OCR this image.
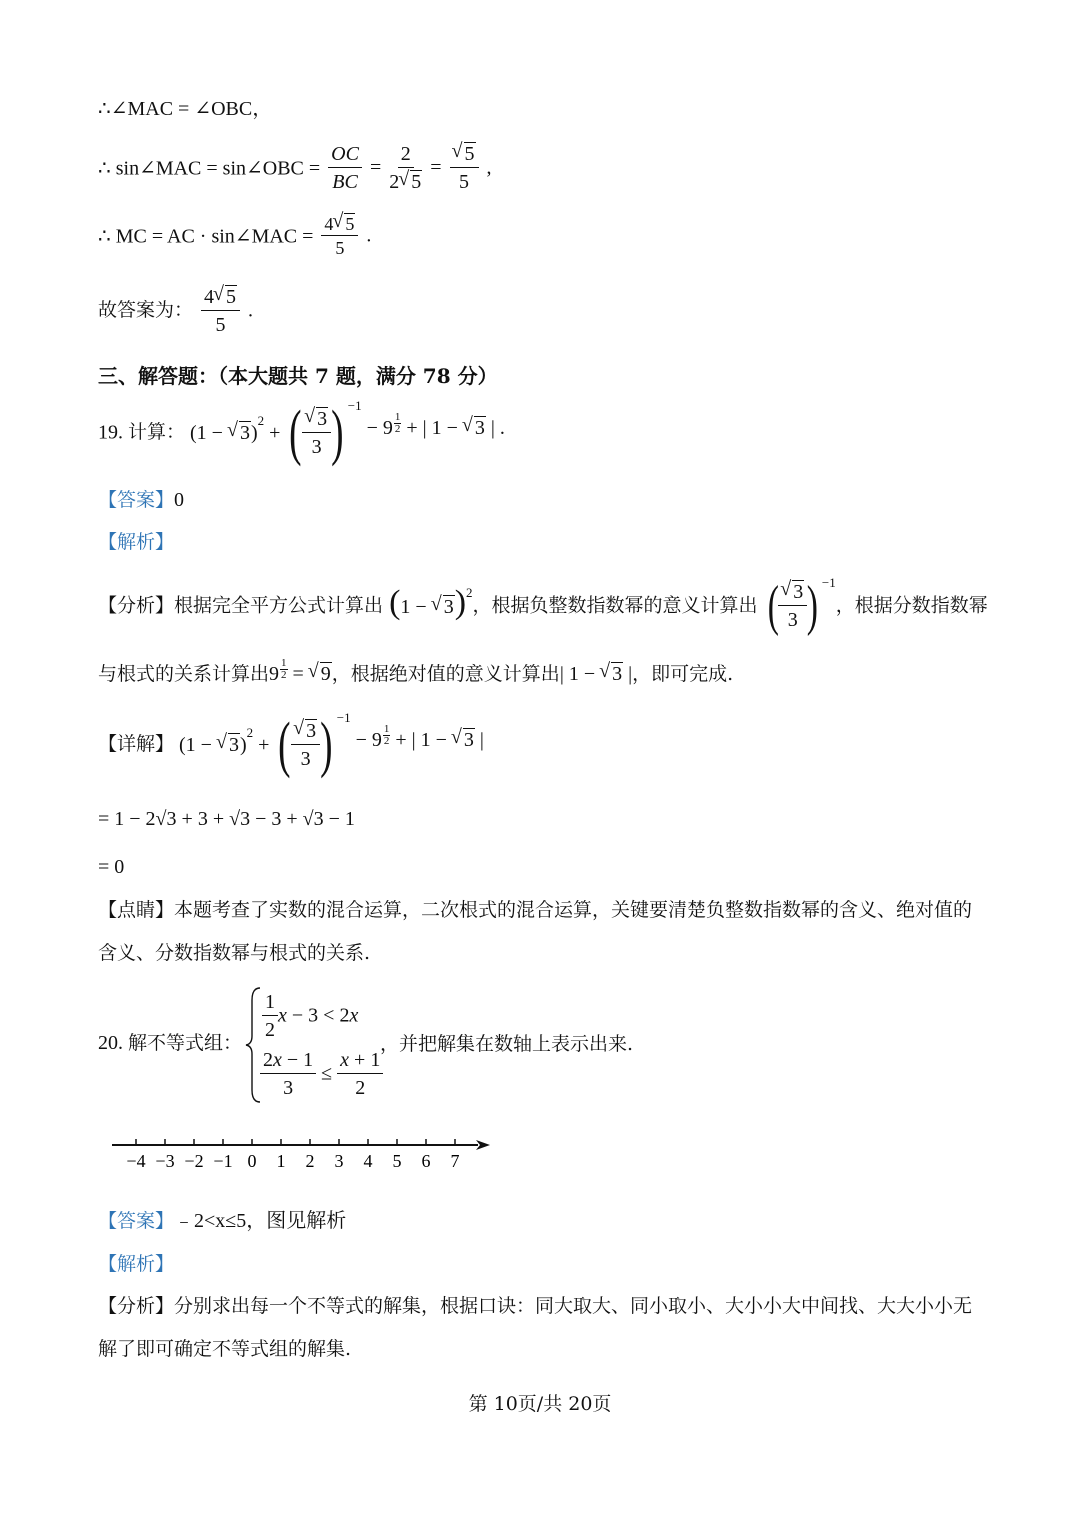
∴∠MAC = ∠OBC，
∴ sin∠MAC = sin∠OBC = $\frac{OC}{BC} = \frac{2}{2 √ 5}$ = √ $\frac{5}{5}$ ,
∴ MC = AC · sin∠MAC = $\frac{4 √ 5}{5}$ .
故答案为： $\frac{4 √ 5}{5}$ .
三、解答题：（本大题共 7 题，满分 78 分）
19. 计算： (1 − √ 3)$^2$ + ( √ $\frac{3}{3}$ ) $^{-1} - 9 \frac{1}{2}$ + | 1 − √ 3 | .
【答案】0
【解析】
【分析】根据完全平方公式计算出 (1 − √ 3)$^2$，根据负整数指数幂的意义计算出 ( √ $\frac{3}{3}$ ) $^{-1}$，根据分数指数幂
与根式的关系计算出$9 \frac{1}{2}$ = √ 9，根据绝对值的意义计算出| 1 − √ 3 |，即可完成.
【详解】 (1 − √ 3)$^2$ + ( √ $\frac{3}{3}$ ) $^{-1} - 9 \frac{1}{2}$ + | 1 − √ 3 |
= 1 − 2√3 + 3 + √3 − 3 + √3 − 1
= 0
【点睛】本题考查了实数的混合运算，二次根式的混合运算，关键要清楚负整数指数幂的含义、绝对值的
含义、分数指数幂与根式的关系.
20. 解不等式组：
$\frac{1}{2}$ x − 3 < 2x
$\frac{2x - 1}{3} \le \frac{x + 1}{2}$
，并把解集在数轴上表示出来.
−4 −3 −2 −1 0 1 2 3 4 5 6 7
【答案】﹣2<x≤5，图见解析
【解析】
【分析】分别求出每一个不等式的解集，根据口诀：同大取大、同小取小、大小小大中间找、大大小小无
解了即可确定不等式组的解集.
第 10页/共 20页
